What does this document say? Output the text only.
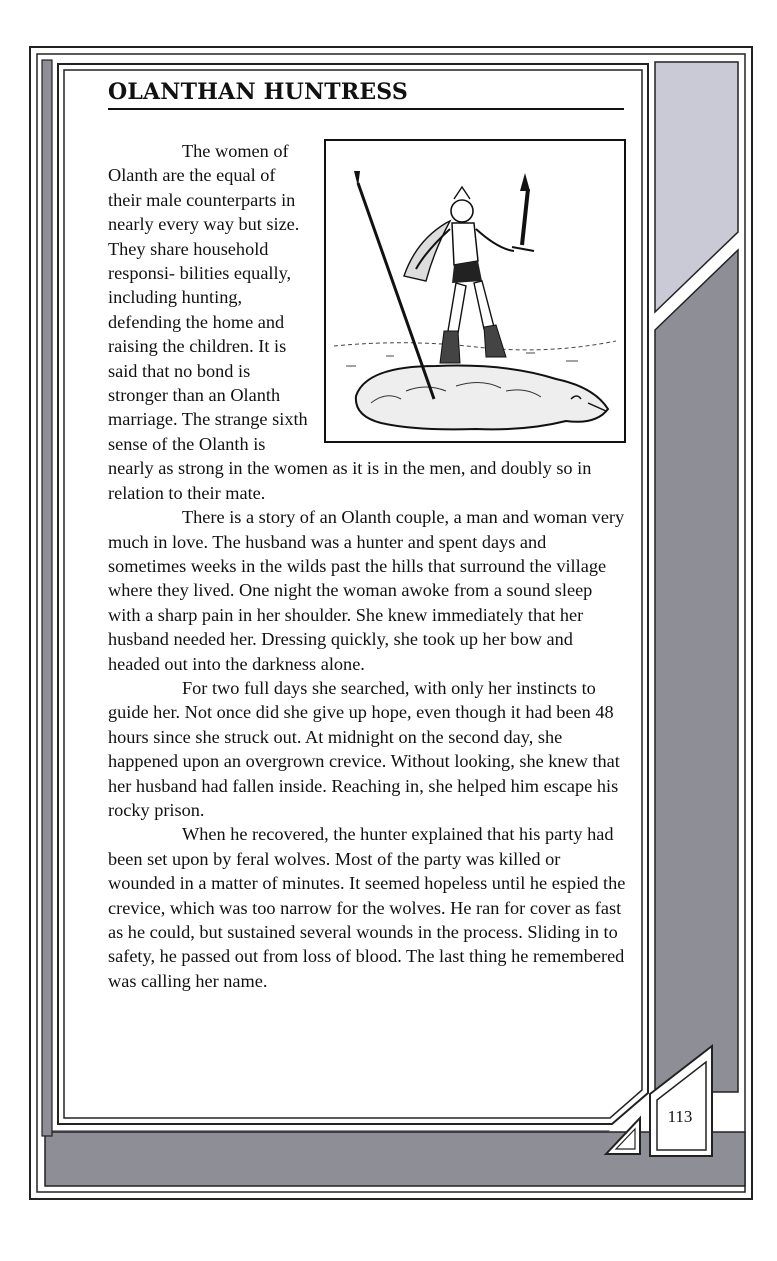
OLANTHAN HUNTRESS

The women of Olanth are the equal of their male counterparts in nearly every way but size. They share household responsi- bilities equally, including hunting, defending the home and raising the children. It is said that no bond is stronger than an Olanth marriage. The strange sixth sense of the Olanth is nearly as strong in the women as it is in the men, and doubly so in relation to their mate.

There is a story of an Olanth couple, a man and woman very much in love. The husband was a hunter and spent days and sometimes weeks in the wilds past the hills that surround the village where they lived. One night the woman awoke from a sound sleep with a sharp pain in her shoulder. She knew immediately that her husband needed her. Dressing quickly, she took up her bow and headed out into the darkness alone.

For two full days she searched, with only her instincts to guide her. Not once did she give up hope, even though it had been 48 hours since she struck out. At midnight on the second day, she happened upon an overgrown crevice. Without looking, she knew that her husband had fallen inside. Reaching in, she helped him escape his rocky prison.

When he recovered, the hunter explained that his party had been set upon by feral wolves. Most of the party was killed or wounded in a matter of minutes. It seemed hopeless until he espied the crevice, which was too narrow for the wolves. He ran for cover as fast as he could, but sustained several wounds in the process. Sliding in to safety, he passed out from loss of blood. The last thing he remembered was calling her name.

113
